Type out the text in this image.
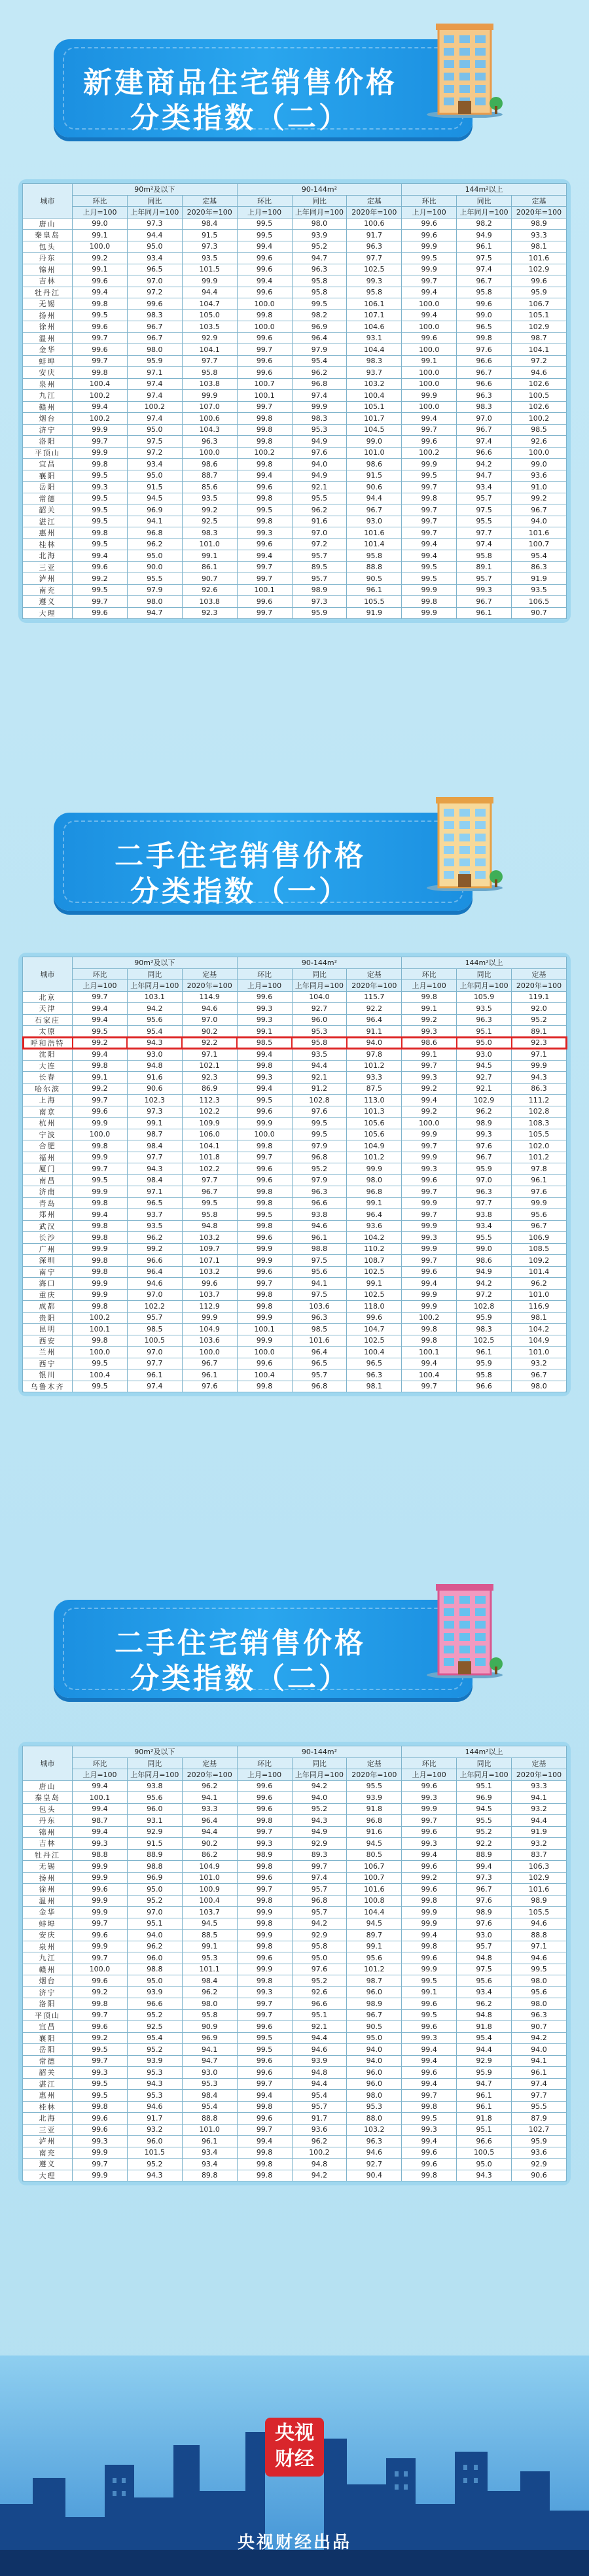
新建商品住宅销售价格
分类指数（二）
城市	90m²及以下			90-144m²			144m²以上		
	环比	同比	定基	环比	同比	定基	环比	同比	定基
	上月=100	上年同月=100	2020年=100	上月=100	上年同月=100	2020年=100	上月=100	上年同月=100	2020年=100
唐山	99.0	97.3	98.4	99.5	98.0	100.6	99.6	98.2	98.9
秦皇岛	99.1	94.4	91.5	99.5	93.9	91.7	99.6	94.9	93.3
包头	100.0	95.0	97.3	99.4	95.2	96.3	99.9	96.1	98.1
丹东	99.2	93.4	93.5	99.6	94.7	97.7	99.5	97.5	101.6
锦州	99.1	96.5	101.5	99.6	96.3	102.5	99.9	97.4	102.9
吉林	99.6	97.0	99.9	99.4	95.8	99.3	99.7	96.7	99.6
牡丹江	99.4	97.2	94.4	99.6	95.8	95.8	99.4	95.8	95.9
无锡	99.8	99.6	104.7	100.0	99.5	106.1	100.0	99.6	106.7
扬州	99.5	98.3	105.0	99.8	98.2	107.1	99.4	99.0	105.1
徐州	99.6	96.7	103.5	100.0	96.9	104.6	100.0	96.5	102.9
温州	99.7	96.7	92.9	99.6	96.4	93.1	99.6	99.8	98.7
金华	99.6	98.0	104.1	99.7	97.9	104.4	100.0	97.6	104.1
蚌埠	99.7	95.9	97.7	99.6	95.4	98.3	99.1	96.6	97.2
安庆	99.8	97.1	95.8	99.6	96.2	93.7	100.0	96.7	94.6
泉州	100.4	97.4	103.8	100.7	96.8	103.2	100.0	96.6	102.6
九江	100.2	97.4	99.9	100.1	97.4	100.4	99.9	96.3	100.5
赣州	99.4	100.2	107.0	99.7	99.9	105.1	100.0	98.3	102.6
烟台	100.2	97.4	100.6	99.8	98.3	101.7	99.4	97.0	100.2
济宁	99.9	95.0	104.3	99.8	95.3	104.5	99.7	96.7	98.5
洛阳	99.7	97.5	96.3	99.8	94.9	99.0	99.6	97.4	92.6
平顶山	99.9	97.2	100.0	100.2	97.6	101.0	100.2	96.6	100.0
宜昌	99.8	93.4	98.6	99.8	94.0	98.6	99.9	94.2	99.0
襄阳	99.5	95.0	88.7	99.4	94.9	91.5	99.5	94.7	93.6
岳阳	99.3	91.5	85.6	99.6	92.1	90.6	99.7	93.4	91.0
常德	99.5	94.5	93.5	99.8	95.5	94.4	99.8	95.7	99.2
韶关	99.5	96.9	99.2	99.5	96.2	96.7	99.7	97.5	96.7
湛江	99.5	94.1	92.5	99.8	91.6	93.0	99.7	95.5	94.0
惠州	99.8	96.8	98.3	99.3	97.0	101.6	99.7	97.7	101.6
桂林	99.5	96.2	101.0	99.6	97.2	101.4	99.4	97.4	100.7
北海	99.4	95.0	99.1	99.4	95.7	95.8	99.4	95.8	95.4
三亚	99.6	90.0	86.1	99.7	89.5	88.8	99.5	89.1	86.3
泸州	99.2	95.5	90.7	99.7	95.7	90.5	99.5	95.7	91.9
南充	99.5	97.9	92.6	100.1	98.9	96.1	99.9	99.3	93.5
遵义	99.7	98.0	103.8	99.6	97.3	105.5	99.8	96.7	106.5
大理	99.6	94.7	92.3	99.7	95.9	91.9	99.9	96.1	90.7
二手住宅销售价格
分类指数（一）
城市	90m²及以下			90-144m²			144m²以上		
	环比	同比	定基	环比	同比	定基	环比	同比	定基
	上月=100	上年同月=100	2020年=100	上月=100	上年同月=100	2020年=100	上月=100	上年同月=100	2020年=100
北京	99.7	103.1	114.9	99.6	104.0	115.7	99.8	105.9	119.1
天津	99.4	94.2	94.6	99.3	92.7	92.2	99.1	93.5	92.0
石家庄	99.4	95.6	97.0	99.3	96.0	96.4	99.2	96.3	95.2
太原	99.5	95.4	90.2	99.1	95.3	91.1	99.3	95.1	89.1
呼和浩特	99.2	94.3	92.2	98.5	95.8	94.0	98.6	95.0	92.3
沈阳	99.4	93.0	97.1	99.4	93.5	97.8	99.1	93.0	97.1
大连	99.8	94.8	102.1	99.8	94.4	101.2	99.7	94.5	99.9
长春	99.1	91.6	92.3	99.3	92.1	93.3	99.3	92.7	94.3
哈尔滨	99.2	90.6	86.9	99.4	91.2	87.5	99.2	92.1	86.3
上海	99.7	102.3	112.3	99.5	102.8	113.0	99.4	102.9	111.2
南京	99.6	97.3	102.2	99.6	97.6	101.3	99.2	96.2	102.8
杭州	99.9	99.1	109.9	99.9	99.5	105.6	100.0	98.9	108.3
宁波	100.0	98.7	106.0	100.0	99.5	105.6	99.9	99.3	105.5
合肥	99.8	98.4	104.1	99.8	97.9	104.9	99.7	97.6	102.0
福州	99.9	97.7	101.8	99.7	96.8	101.2	99.9	96.7	101.2
厦门	99.7	94.3	102.2	99.6	95.2	99.9	99.3	95.9	97.8
南昌	99.5	98.4	97.7	99.6	97.9	98.0	99.6	97.0	96.1
济南	99.9	97.1	96.7	99.8	96.3	96.8	99.7	96.3	97.6
青岛	99.8	96.5	99.5	99.8	96.6	99.1	99.9	97.7	99.9
郑州	99.4	93.7	95.8	99.5	93.8	96.4	99.7	93.8	95.6
武汉	99.8	93.5	94.8	99.8	94.6	93.6	99.9	93.4	96.7
长沙	99.8	96.2	103.2	99.6	96.1	104.2	99.3	95.5	106.9
广州	99.9	99.2	109.7	99.9	98.8	110.2	99.9	99.0	108.5
深圳	99.8	96.6	107.1	99.9	97.5	108.7	99.7	98.6	109.2
南宁	99.8	96.4	103.2	99.6	95.6	102.5	99.6	94.9	101.4
海口	99.9	94.6	99.6	99.7	94.1	99.1	99.4	94.2	96.2
重庆	99.9	97.0	103.7	99.8	97.5	102.5	99.9	97.2	101.0
成都	99.8	102.2	112.9	99.8	103.6	118.0	99.9	102.8	116.9
贵阳	100.2	95.7	99.9	99.9	96.3	99.6	100.2	95.9	98.1
昆明	100.1	98.5	104.9	100.1	98.5	104.7	99.8	98.3	104.2
西安	99.8	100.5	103.6	99.9	101.6	102.5	99.8	102.5	104.9
兰州	100.0	97.0	100.0	100.0	96.4	100.4	100.1	96.1	101.0
西宁	99.5	97.7	96.7	99.6	96.5	96.5	99.4	95.9	93.2
银川	100.4	96.1	96.1	100.4	95.7	96.3	100.4	95.8	96.7
乌鲁木齐	99.5	97.4	97.6	99.8	96.8	98.1	99.7	96.6	98.0
二手住宅销售价格
分类指数（二）
城市	90m²及以下			90-144m²			144m²以上		
	环比	同比	定基	环比	同比	定基	环比	同比	定基
	上月=100	上年同月=100	2020年=100	上月=100	上年同月=100	2020年=100	上月=100	上年同月=100	2020年=100
唐山	99.4	93.8	96.2	99.6	94.2	95.5	99.6	95.1	93.3
秦皇岛	100.1	95.6	94.1	99.6	94.0	93.9	99.3	96.9	94.1
包头	99.4	96.0	93.3	99.6	95.2	91.8	99.9	94.5	93.2
丹东	98.7	93.1	96.4	99.8	94.3	96.8	99.7	95.5	94.4
锦州	99.4	92.9	94.4	99.7	94.9	91.6	99.6	95.2	91.9
吉林	99.3	91.5	90.2	99.3	92.9	94.5	99.3	92.2	93.2
牡丹江	98.8	88.9	86.2	98.9	89.3	80.5	99.4	88.9	83.7
无锡	99.9	98.8	104.9	99.8	99.7	106.7	99.6	99.4	106.3
扬州	99.9	96.9	101.0	99.6	97.4	100.7	99.2	97.3	102.9
徐州	99.6	95.0	100.9	99.7	95.7	101.6	99.6	96.7	101.6
温州	99.9	95.2	100.4	99.8	96.8	100.8	99.8	97.6	98.9
金华	99.9	97.0	103.7	99.9	95.7	104.4	99.9	98.9	105.5
蚌埠	99.7	95.1	94.5	99.8	94.2	94.5	99.9	97.6	94.6
安庆	99.6	94.0	88.5	99.9	92.9	89.7	99.4	93.0	88.8
泉州	99.9	96.2	99.1	99.8	95.8	99.1	99.8	95.7	97.1
九江	99.7	96.0	95.3	99.6	95.0	95.6	99.6	94.8	94.6
赣州	100.0	98.8	101.1	99.9	97.6	101.2	99.9	97.5	99.5
烟台	99.6	95.0	98.4	99.8	95.2	98.7	99.5	95.6	98.0
济宁	99.2	93.9	96.2	99.3	92.6	96.0	99.1	93.4	95.6
洛阳	99.8	96.6	98.0	99.7	96.6	98.9	99.6	96.2	98.0
平顶山	99.7	95.2	95.8	99.7	95.1	96.7	99.5	94.8	96.3
宜昌	99.6	92.5	90.9	99.6	92.1	90.5	99.6	91.8	90.7
襄阳	99.2	95.4	96.9	99.5	94.4	95.0	99.3	95.4	94.2
岳阳	99.5	95.2	94.1	99.5	94.6	94.0	99.4	94.4	94.0
常德	99.7	93.9	94.7	99.6	93.9	94.0	99.4	92.9	94.1
韶关	99.3	95.3	93.0	99.6	94.8	96.0	99.6	95.9	96.1
湛江	99.5	94.3	95.3	99.7	94.4	96.0	99.4	94.7	97.4
惠州	99.5	95.3	98.4	99.4	95.4	98.0	99.7	96.1	97.7
桂林	99.8	94.6	95.4	99.8	95.7	95.3	99.8	96.1	95.5
北海	99.6	91.7	88.8	99.6	91.7	88.0	99.5	91.8	87.9
三亚	99.6	93.2	101.0	99.7	93.6	103.2	99.3	95.1	102.7
泸州	99.3	96.0	96.1	99.4	96.2	96.3	99.4	96.6	95.9
南充	99.9	101.5	93.4	99.8	100.2	94.6	99.6	100.5	93.6
遵义	99.7	95.2	93.4	99.8	94.8	92.7	99.6	95.0	92.9
大理	99.9	94.3	89.8	99.8	94.2	90.4	99.8	94.3	90.6
央视
财经
央视财经出品
